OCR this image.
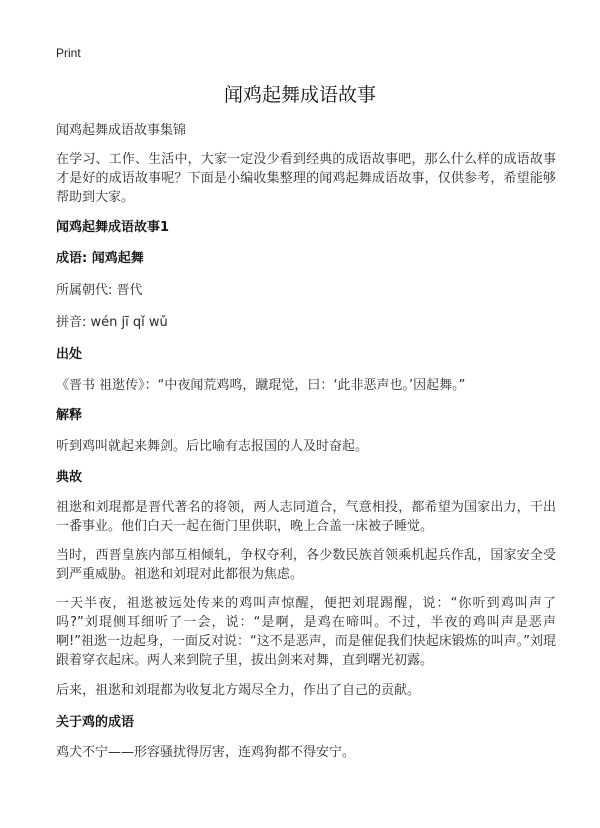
Print
闻鸡起舞成语故事
闻鸡起舞成语故事集锦
在学习、工作、生活中，大家一定没少看到经典的成语故事吧，那么什么样的成语故事才是好的成语故事呢？下面是小编收集整理的闻鸡起舞成语故事，仅供参考，希望能够帮助到大家。
闻鸡起舞成语故事1
成语: 闻鸡起舞
所属朝代: 晋代
拼音: wén jī qǐ wǔ
出处
《晋书 祖逖传》：“中夜闻荒鸡鸣，蹴琨觉，曰：‘此非恶声也。’因起舞。”
解释
听到鸡叫就起来舞剑。后比喻有志报国的人及时奋起。
典故
祖逖和刘琨都是晋代著名的将领，两人志同道合，气意相投，都希望为国家出力，干出一番事业。他们白天一起在衙门里供职，晚上合盖一床被子睡觉。
当时，西晋皇族内部互相倾轧，争权夺利，各少数民族首领乘机起兵作乱，国家安全受到严重威胁。祖逖和刘琨对此都很为焦虑。
一天半夜，祖逖被远处传来的鸡叫声惊醒，便把刘琨踢醒，说：“你听到鸡叫声了吗?”刘琨侧耳细听了一会，说：“是啊，是鸡在啼叫。不过，半夜的鸡叫声是恶声啊!”祖逖一边起身，一面反对说：“这不是恶声，而是催促我们快起床锻炼的叫声。”刘琨跟着穿衣起床。两人来到院子里，拔出剑来对舞，直到曙光初露。
后来，祖逖和刘琨都为收复北方竭尽全力，作出了自己的贡献。
关于鸡的成语
鸡犬不宁——形容骚扰得厉害，连鸡狗都不得安宁。
